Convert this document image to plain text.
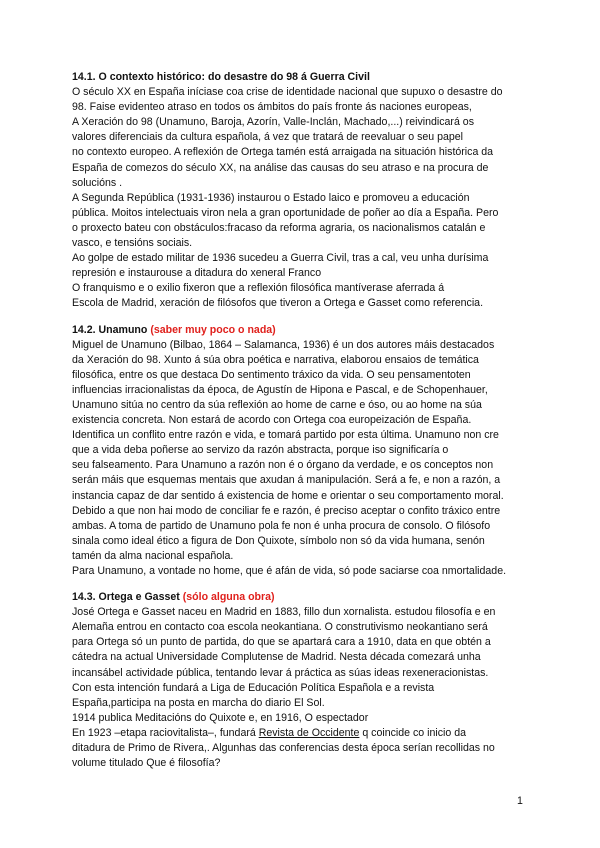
14.1. O contexto histórico: do desastre do 98 á Guerra Civil
O século XX en España iníciase coa crise de identidade nacional que supuxo o desastre do
98. Faise evidenteo atraso en todos os ámbitos do país fronte ás naciones europeas,
A Xeración do 98 (Unamuno, Baroja, Azorín, Valle-Inclán, Machado,...) reivindicará os
valores diferenciais da cultura española, á vez que tratará de reevaluar o seu papel
no contexto europeo. A reflexión de Ortega tamén está arraigada na situación histórica da
España de comezos do século XX, na análise das causas do seu atraso e na procura de
solucións .
A Segunda República (1931-1936) instaurou o Estado laico e promoveu a educación
pública. Moitos intelectuais viron nela a gran oportunidade de poñer ao día a España. Pero
o proxecto bateu con obstáculos:fracaso da reforma agraria, os nacionalismos catalán e
vasco, e tensións sociais.
Ao golpe de estado militar de 1936 sucedeu a Guerra Civil, tras a cal, veu unha durísima
represión e instaurouse a ditadura do xeneral Franco
O franquismo e o exilio fixeron que a reflexión filosófica mantíverase aferrada á
Escola de Madrid, xeración de filósofos que tiveron a Ortega e Gasset como referencia.
14.2. Unamuno (saber muy poco o nada)
Miguel de Unamuno (Bilbao, 1864 – Salamanca, 1936) é un dos autores máis destacados
da Xeración do 98. Xunto á súa obra poética e narrativa, elaborou ensaios de temática
filosófica, entre os que destaca Do sentimento tráxico da vida. O seu pensamentoten
influencias irracionalistas da época, de Agustín de Hipona e Pascal, e de Schopenhauer,
Unamuno sitúa no centro da súa reflexión ao home de carne e óso, ou ao home na súa
existencia concreta. Non estará de acordo con Ortega coa europeización de España.
Identifica un conflito entre razón e vida, e tomará partido por esta última. Unamuno non cre
que a vida deba poñerse ao servizo da razón abstracta, porque iso significaría o
seu falseamento. Para Unamuno a razón non é o órgano da verdade, e os conceptos non
serán máis que esquemas mentais que axudan á manipulación. Será a fe, e non a razón, a
instancia capaz de dar sentido á existencia de home e orientar o seu comportamento moral.
Debido a que non hai modo de conciliar fe e razón, é preciso aceptar o confito tráxico entre
ambas. A toma de partido de Unamuno pola fe non é unha procura de consolo. O filósofo
sinala como ideal ético a figura de Don Quixote, símbolo non só da vida humana, senón
tamén da alma nacional española.
Para Unamuno, a vontade no home, que é afán de vida, só pode saciarse coa nmortalidade.
14.3. Ortega e Gasset (sólo alguna obra)
José Ortega e Gasset naceu en Madrid en 1883, fillo dun xornalista. estudou filosofía e en
Alemaña entrou en contacto coa escola neokantiana. O construtivismo neokantiano será
para Ortega só un punto de partida, do que se apartará cara a 1910, data en que obtén a
cátedra na actual Universidade Complutense de Madrid. Nesta década comezará unha
incansábel actividade pública, tentando levar á práctica as súas ideas rexeneracionistas.
Con esta intención fundará a Liga de Educación Política Española e a revista
España,participa na posta en marcha do diario El Sol.
1914 publica Meditacións do Quixote e, en 1916, O espectador
En 1923 –etapa raciovitalista–, fundará Revista de Occidente q coincide co inicio da
ditadura de Primo de Rivera,. Algunhas das conferencias desta época serían recollidas no
volume titulado Que é filosofía?
1
